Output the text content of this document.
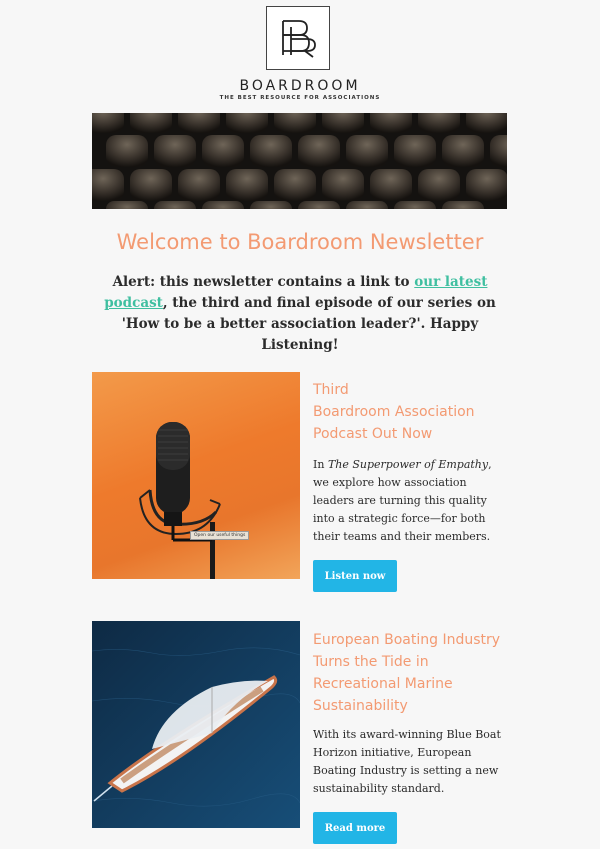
BOARDROOM
THE BEST RESOURCE FOR ASSOCIATIONS
Welcome to Boardroom Newsletter
Alert: this newsletter contains a link to our latest podcast, the third and final episode of our series on 'How to be a better association leader?'. Happy Listening!
Open our useful things
Third
Boardroom Association
Podcast Out Now
In The Superpower of Empathy, we explore how association leaders are turning this quality into a strategic force—for both their teams and their members.
Listen now
European Boating Industry
Turns the Tide in
Recreational Marine
Sustainability
With its award-winning Blue Boat Horizon initiative, European Boating Industry is setting a new sustainability standard.
Read more
